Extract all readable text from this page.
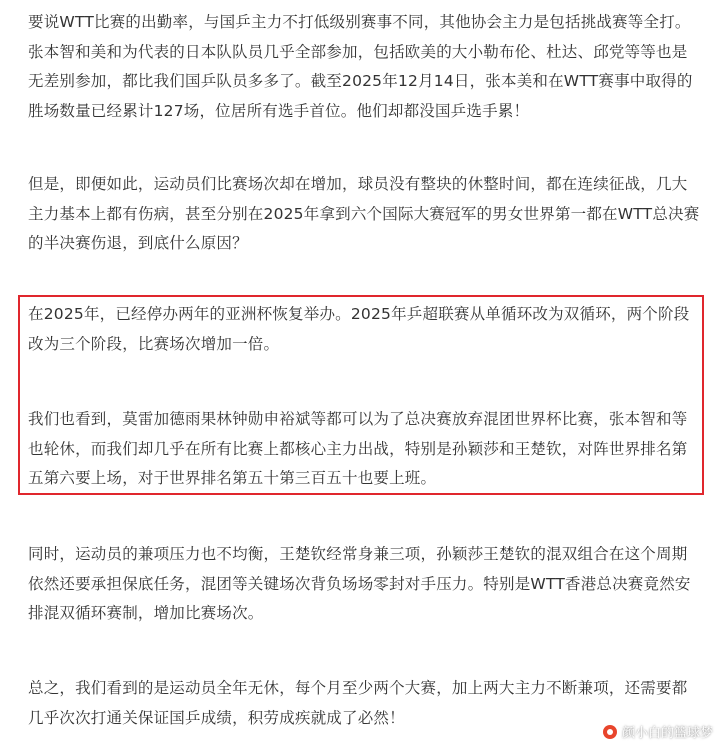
要说WTT比赛的出勤率，与国乒主力不打低级别赛事不同，其他协会主力是包括挑战赛等全打。张本智和美和为代表的日本队队员几乎全部参加，包括欧美的大小勒布伦、杜达、邱党等等也是无差别参加，都比我们国乒队员多多了。截至2025年12月14日，张本美和在WTT赛事中取得的胜场数量已经累计127场，位居所有选手首位。他们却都没国乒选手累！

但是，即便如此，运动员们比赛场次却在增加，球员没有整块的休整时间，都在连续征战，几大主力基本上都有伤病，甚至分别在2025年拿到六个国际大赛冠军的男女世界第一都在WTT总决赛的半决赛伤退，到底什么原因？

在2025年，已经停办两年的亚洲杯恢复举办。2025年乒超联赛从单循环改为双循环，两个阶段改为三个阶段，比赛场次增加一倍。

我们也看到，莫雷加德雨果林钟勋申裕斌等都可以为了总决赛放弃混团世界杯比赛，张本智和等也轮休，而我们却几乎在所有比赛上都核心主力出战，特别是孙颖莎和王楚钦，对阵世界排名第五第六要上场，对于世界排名第五十第三百五十也要上班。

同时，运动员的兼项压力也不均衡，王楚钦经常身兼三项，孙颖莎王楚钦的混双组合在这个周期依然还要承担保底任务，混团等关键场次背负场场零封对手压力。特别是WTT香港总决赛竟然安排混双循环赛制，增加比赛场次。

总之，我们看到的是运动员全年无休，每个月至少两个大赛，加上两大主力不断兼项，还需要都几乎次次打通关保证国乒成绩，积劳成疾就成了必然！

颜小白的篮球梦
